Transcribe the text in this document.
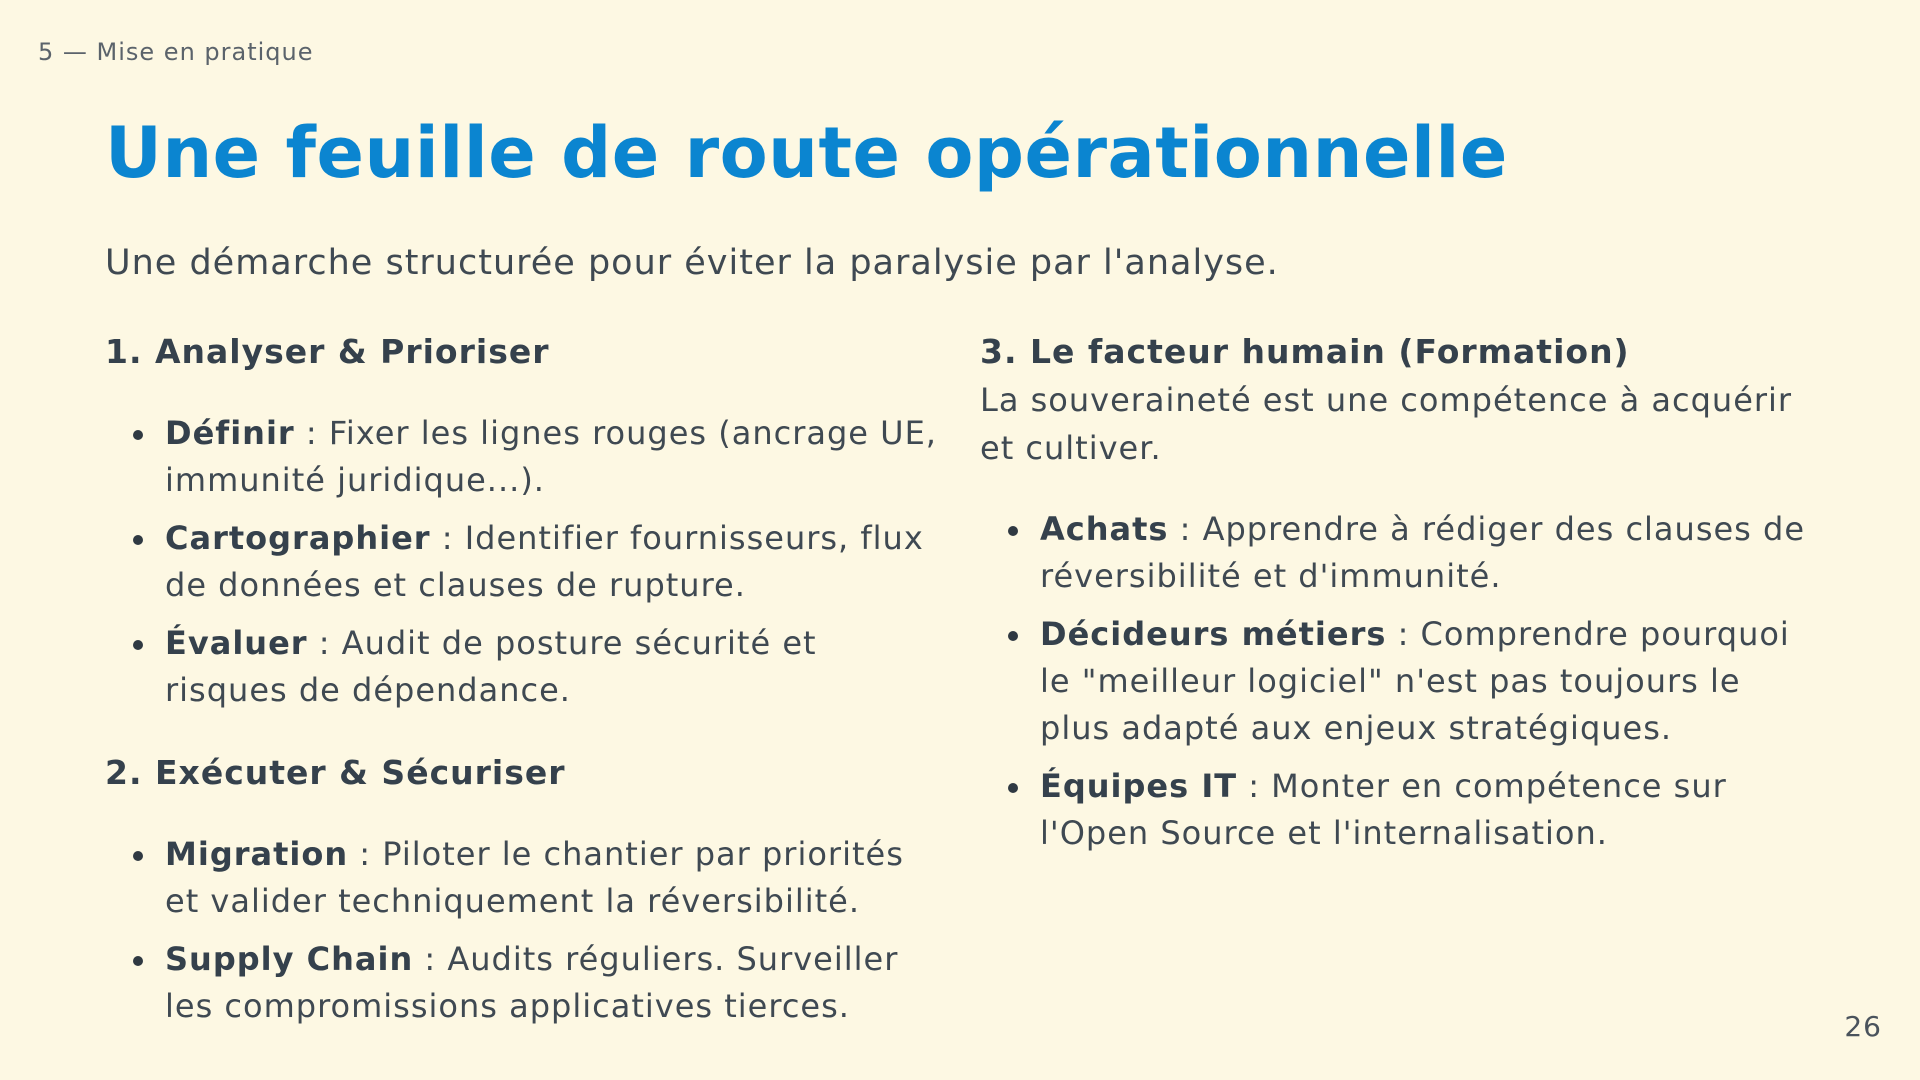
5 — Mise en pratique
Une feuille de route opérationnelle

Une démarche structurée pour éviter la paralysie par l'analyse.

1. Analyser & Prioriser
Définir : Fixer les lignes rouges (ancrage UE, immunité juridique...).
Cartographier : Identifier fournisseurs, flux de données et clauses de rupture.
Évaluer : Audit de posture sécurité et risques de dépendance.
2. Exécuter & Sécuriser
Migration : Piloter le chantier par priorités et valider techniquement la réversibilité.
Supply Chain : Audits réguliers. Surveiller les compromissions applicatives tierces.
3. Le facteur humain (Formation)

La souveraineté est une compétence à acquérir et cultiver.

Achats : Apprendre à rédiger des clauses de réversibilité et d'immunité.
Décideurs métiers : Comprendre pourquoi le "meilleur logiciel" n'est pas toujours le plus adapté aux enjeux stratégiques.
Équipes IT : Monter en compétence sur l'Open Source et l'internalisation.
26
